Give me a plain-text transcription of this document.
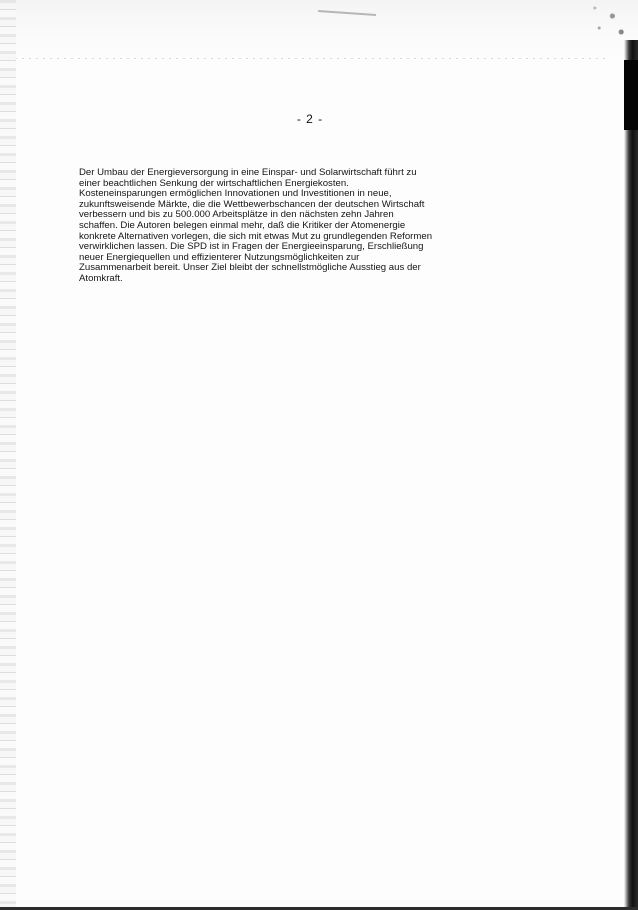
- 2 -
Der Umbau der Energieversorgung in eine Einspar- und Solarwirtschaft führt zu
einer beachtlichen Senkung der wirtschaftlichen Energiekosten.
Kosteneinsparungen ermöglichen Innovationen und Investitionen in neue,
zukunftsweisende Märkte, die die Wettbewerbschancen der deutschen Wirtschaft
verbessern und bis zu 500.000 Arbeitsplätze in den nächsten zehn Jahren
schaffen. Die Autoren belegen einmal mehr, daß die Kritiker der Atomenergie
konkrete Alternativen vorlegen, die sich mit etwas Mut zu grundlegenden Reformen
verwirklichen lassen. Die SPD ist in Fragen der Energieeinsparung, Erschließung
neuer Energiequellen und effizienterer Nutzungsmöglichkeiten zur
Zusammenarbeit bereit. Unser Ziel bleibt der schnellstmögliche Ausstieg aus der
Atomkraft.
